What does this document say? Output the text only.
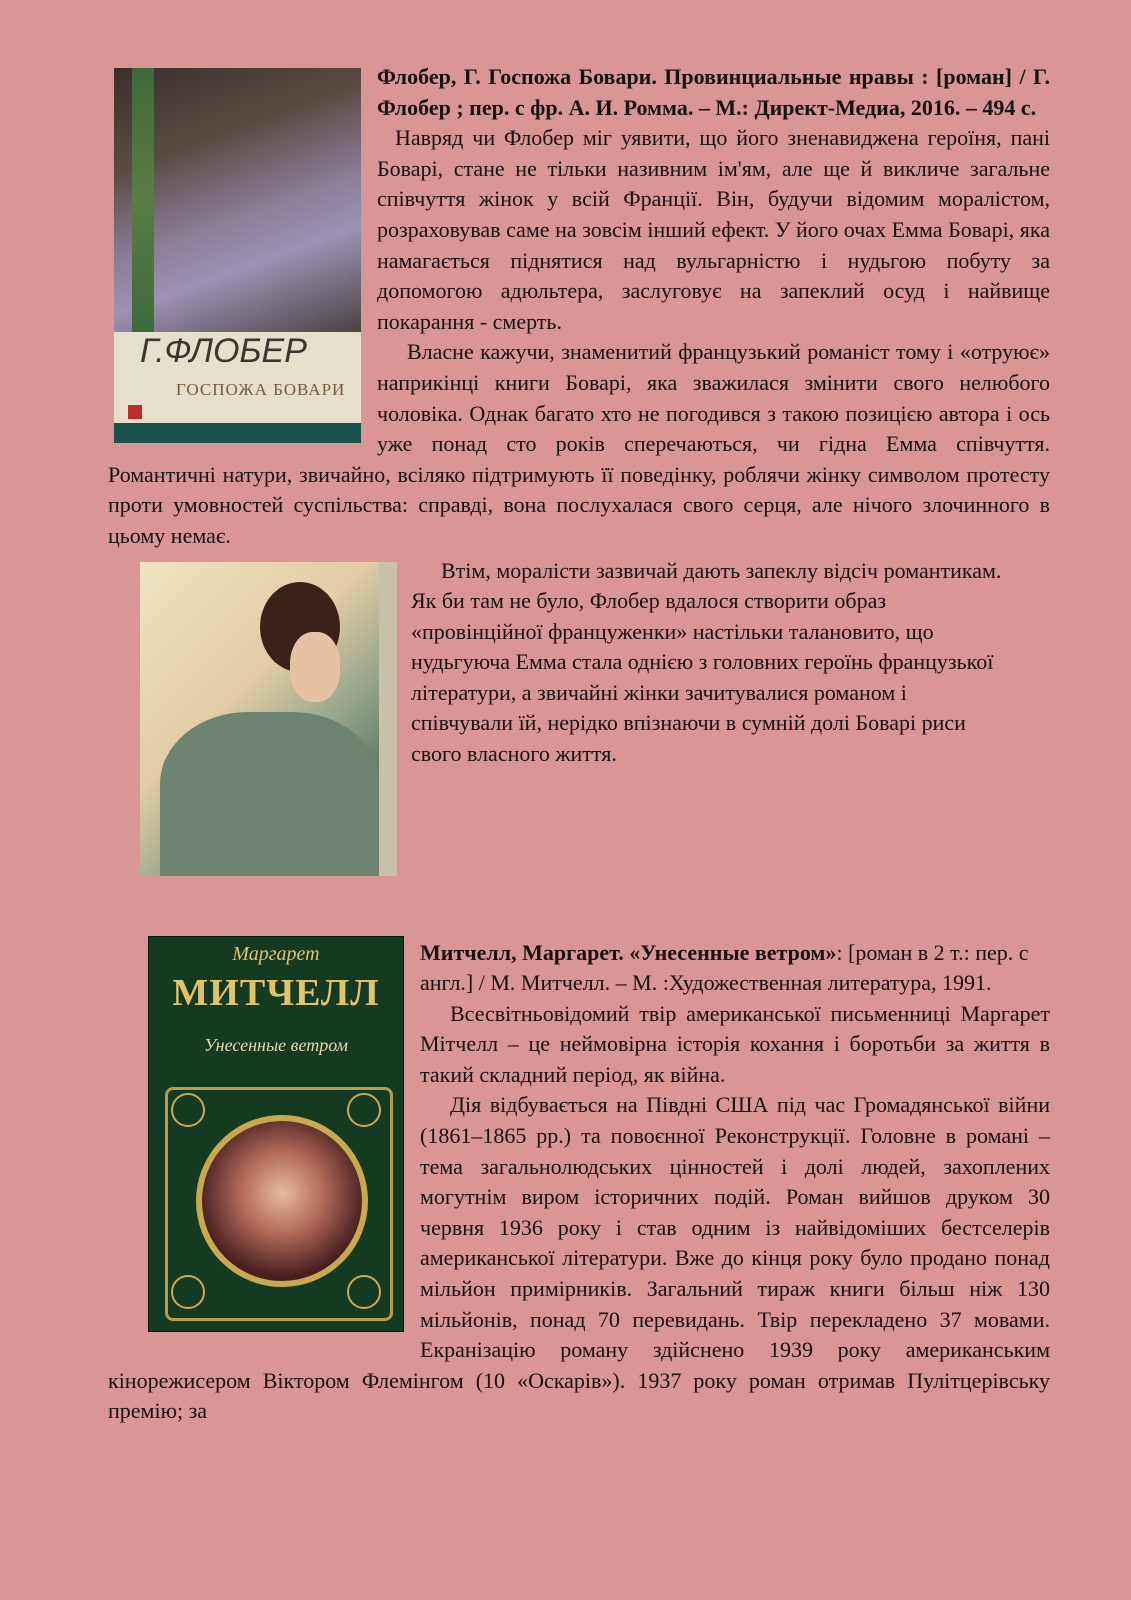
Г.ФЛОБЕР
ГОСПОЖА БОВАРИ

Флобер, Г. Госпожа Бовари. Провинциальные нравы : [роман] / Г. Флобер ; пер. с фр. А. И. Ромма. – М.: Директ-Медиа, 2016. – 494 с.

Навряд чи Флобер міг уявити, що його зненавиджена героїня, пані Боварі, стане не тільки називним ім'ям, але ще й викличе загальне співчуття жінок у всій Франції. Він, будучи відомим моралістом, розраховував саме на зовсім інший ефект. У його очах Емма Боварі, яка намагається піднятися над вульгарністю і нудьгою побуту за допомогою адюльтера, заслуговує на запеклий осуд і найвище покарання - смерть.

Власне кажучи, знаменитий французький романіст тому і «отруює» наприкінці книги Боварі, яка зважилася змінити свого нелюбого чоловіка. Однак багато хто не погодився з такою позицією автора і ось уже понад сто років сперечаються, чи гідна Емма співчуття. Романтичні натури, звичайно, всіляко підтримують її поведінку, роблячи жінку символом протесту проти умовностей суспільства: справді, вона послухалася свого серця, але нічого злочинного в цьому немає.

Втім, моралісти зазвичай дають запеклу відсіч романтикам. Як би там не було, Флобер вдалося створити образ «провінційної француженки» настільки талановито, що нудьгуюча Емма стала однією з головних героїнь французької літератури, а звичайні жінки зачитувалися романом і співчували їй, нерідко впізнаючи в сумній долі Боварі риси свого власного життя.

Маргарет
МИТЧЕЛЛ
Унесенные ветром

Митчелл, Маргарет. «Унесенные ветром»: [роман в 2 т.: пер. с англ.] / М. Митчелл. – М. :Художественная литература, 1991.

Всесвітньовідомий твір американської письменниці Маргарет Мітчелл – це неймовірна історія кохання і боротьби за життя в такий складний період, як війна.

Дія відбувається на Півдні США під час Громадянської війни (1861–1865 рр.) та повоєнної Реконструкції. Головне в романі – тема загальнолюдських цінностей і долі людей, захоплених могутнім виром історичних подій. Роман вийшов друком 30 червня 1936 року і став одним із найвідоміших бестселерів американської літератури. Вже до кінця року було продано понад мільйон примірників. Загальний тираж книги більш ніж 130 мільйонів, понад 70 перевидань. Твір перекладено 37 мовами. Екранізацію роману здійснено 1939 року американським кінорежисером Віктором Флемінгом (10 «Оскарів»). 1937 року роман отримав Пулітцерівську премію; за
